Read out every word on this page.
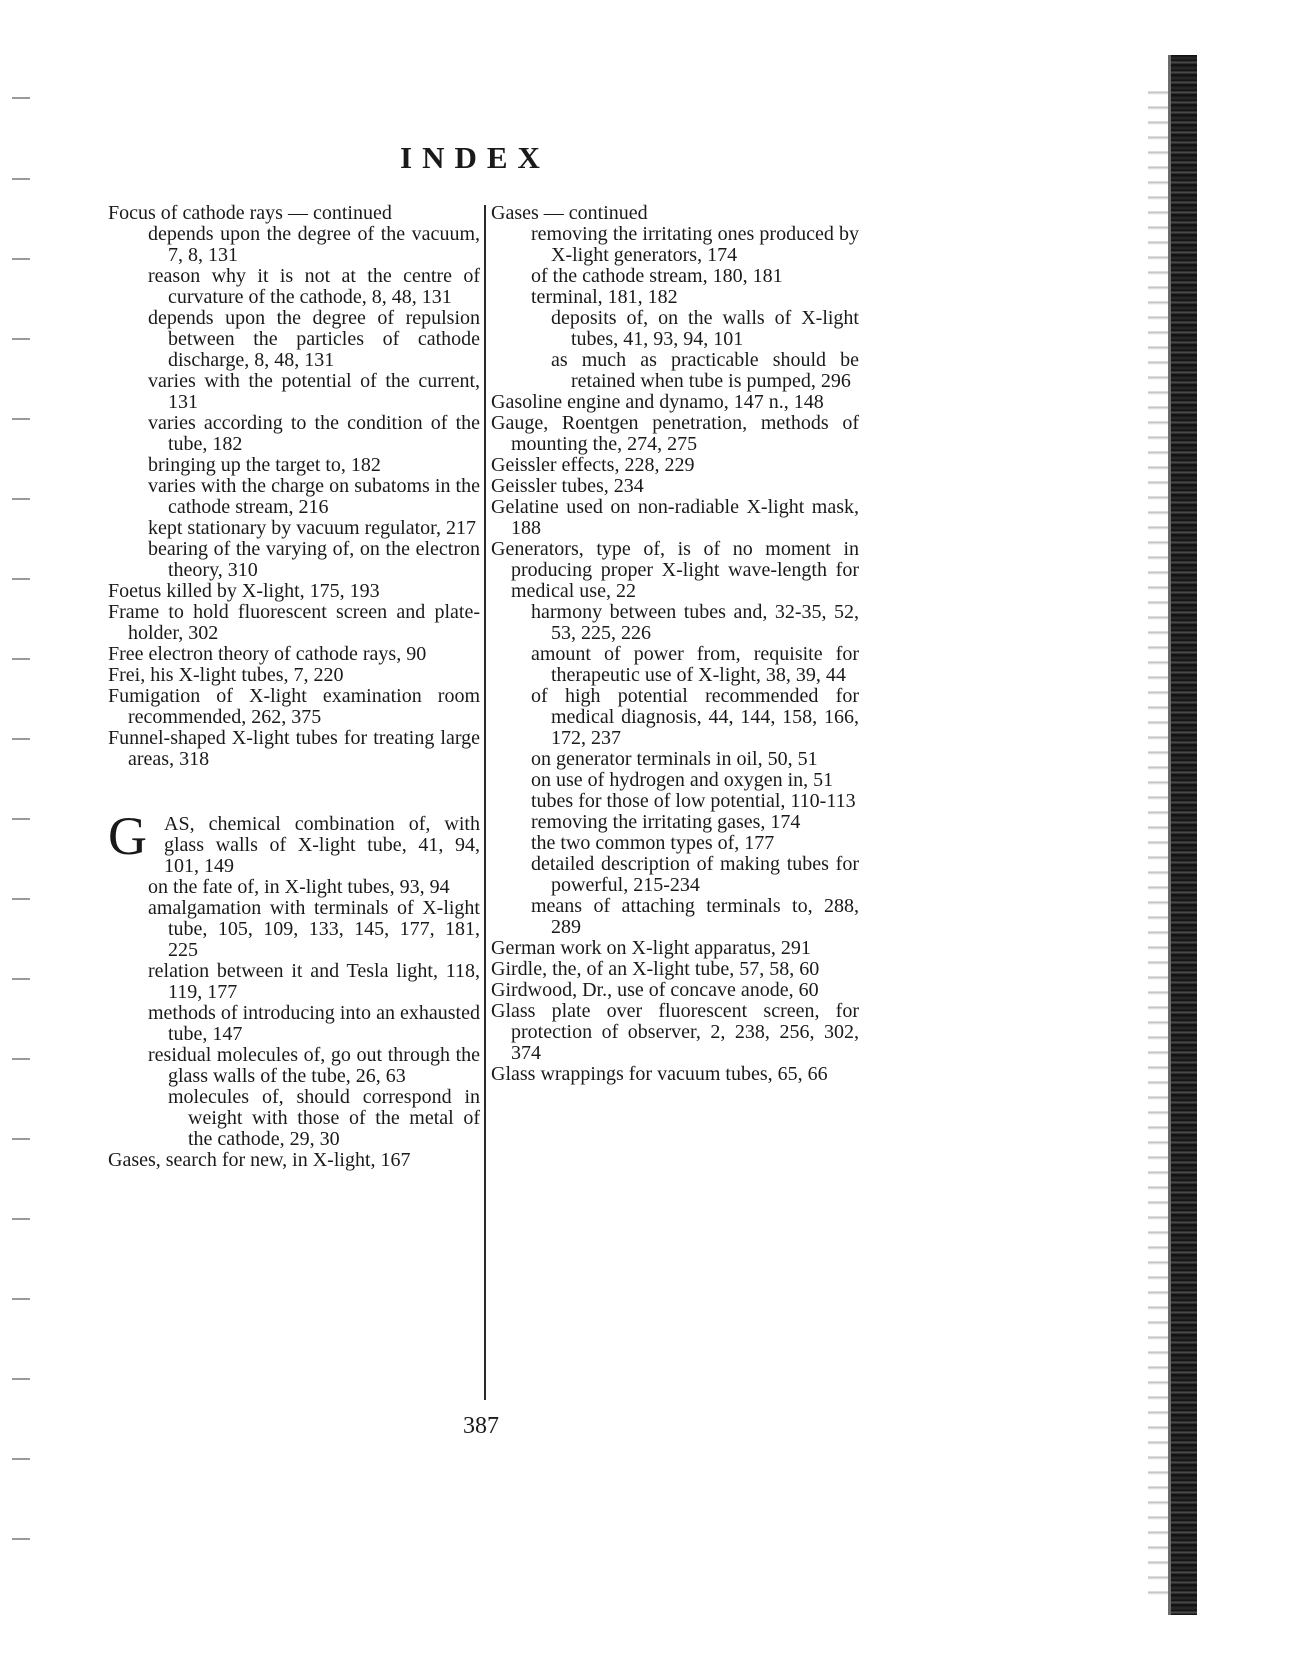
INDEX
Focus of cathode rays — continued
depends upon the degree of the vacuum, 7, 8, 131
reason why it is not at the centre of curvature of the cathode, 8, 48, 131
depends upon the degree of repulsion between the particles of cathode discharge, 8, 48, 131
varies with the potential of the current, 131
varies according to the condition of the tube, 182
bringing up the target to, 182
varies with the charge on subatoms in the cathode stream, 216
kept stationary by vacuum regulator, 217
bearing of the varying of, on the electron theory, 310
Foetus killed by X-light, 175, 193
Frame to hold fluorescent screen and plate-holder, 302
Free electron theory of cathode rays, 90
Frei, his X-light tubes, 7, 220
Fumigation of X-light examination room recommended, 262, 375
Funnel-shaped X-light tubes for treating large areas, 318
G AS, chemical combination of, with glass walls of X-light tube, 41, 94, 101, 149
on the fate of, in X-light tubes, 93, 94
amalgamation with terminals of X-light tube, 105, 109, 133, 145, 177, 181, 225
relation between it and Tesla light, 118, 119, 177
methods of introducing into an exhausted tube, 147
residual molecules of, go out through the glass walls of the tube, 26, 63
molecules of, should correspond in weight with those of the metal of the cathode, 29, 30
Gases, search for new, in X-light, 167
Gases — continued
removing the irritating ones produced by X-light generators, 174
of the cathode stream, 180, 181
terminal, 181, 182
deposits of, on the walls of X-light tubes, 41, 93, 94, 101
as much as practicable should be retained when tube is pumped, 296
Gasoline engine and dynamo, 147 n., 148
Gauge, Roentgen penetration, methods of mounting the, 274, 275
Geissler effects, 228, 229
Geissler tubes, 234
Gelatine used on non-radiable X-light mask, 188
Generators, type of, is of no moment in producing proper X-light wave-length for medical use, 22
harmony between tubes and, 32-35, 52, 53, 225, 226
amount of power from, requisite for therapeutic use of X-light, 38, 39, 44
of high potential recommended for medical diagnosis, 44, 144, 158, 166, 172, 237
on generator terminals in oil, 50, 51
on use of hydrogen and oxygen in, 51
tubes for those of low potential, 110-113
removing the irritating gases, 174
the two common types of, 177
detailed description of making tubes for powerful, 215-234
means of attaching terminals to, 288, 289
German work on X-light apparatus, 291
Girdle, the, of an X-light tube, 57, 58, 60
Girdwood, Dr., use of concave anode, 60
Glass plate over fluorescent screen, for protection of observer, 2, 238, 256, 302, 374
Glass wrappings for vacuum tubes, 65, 66
387
